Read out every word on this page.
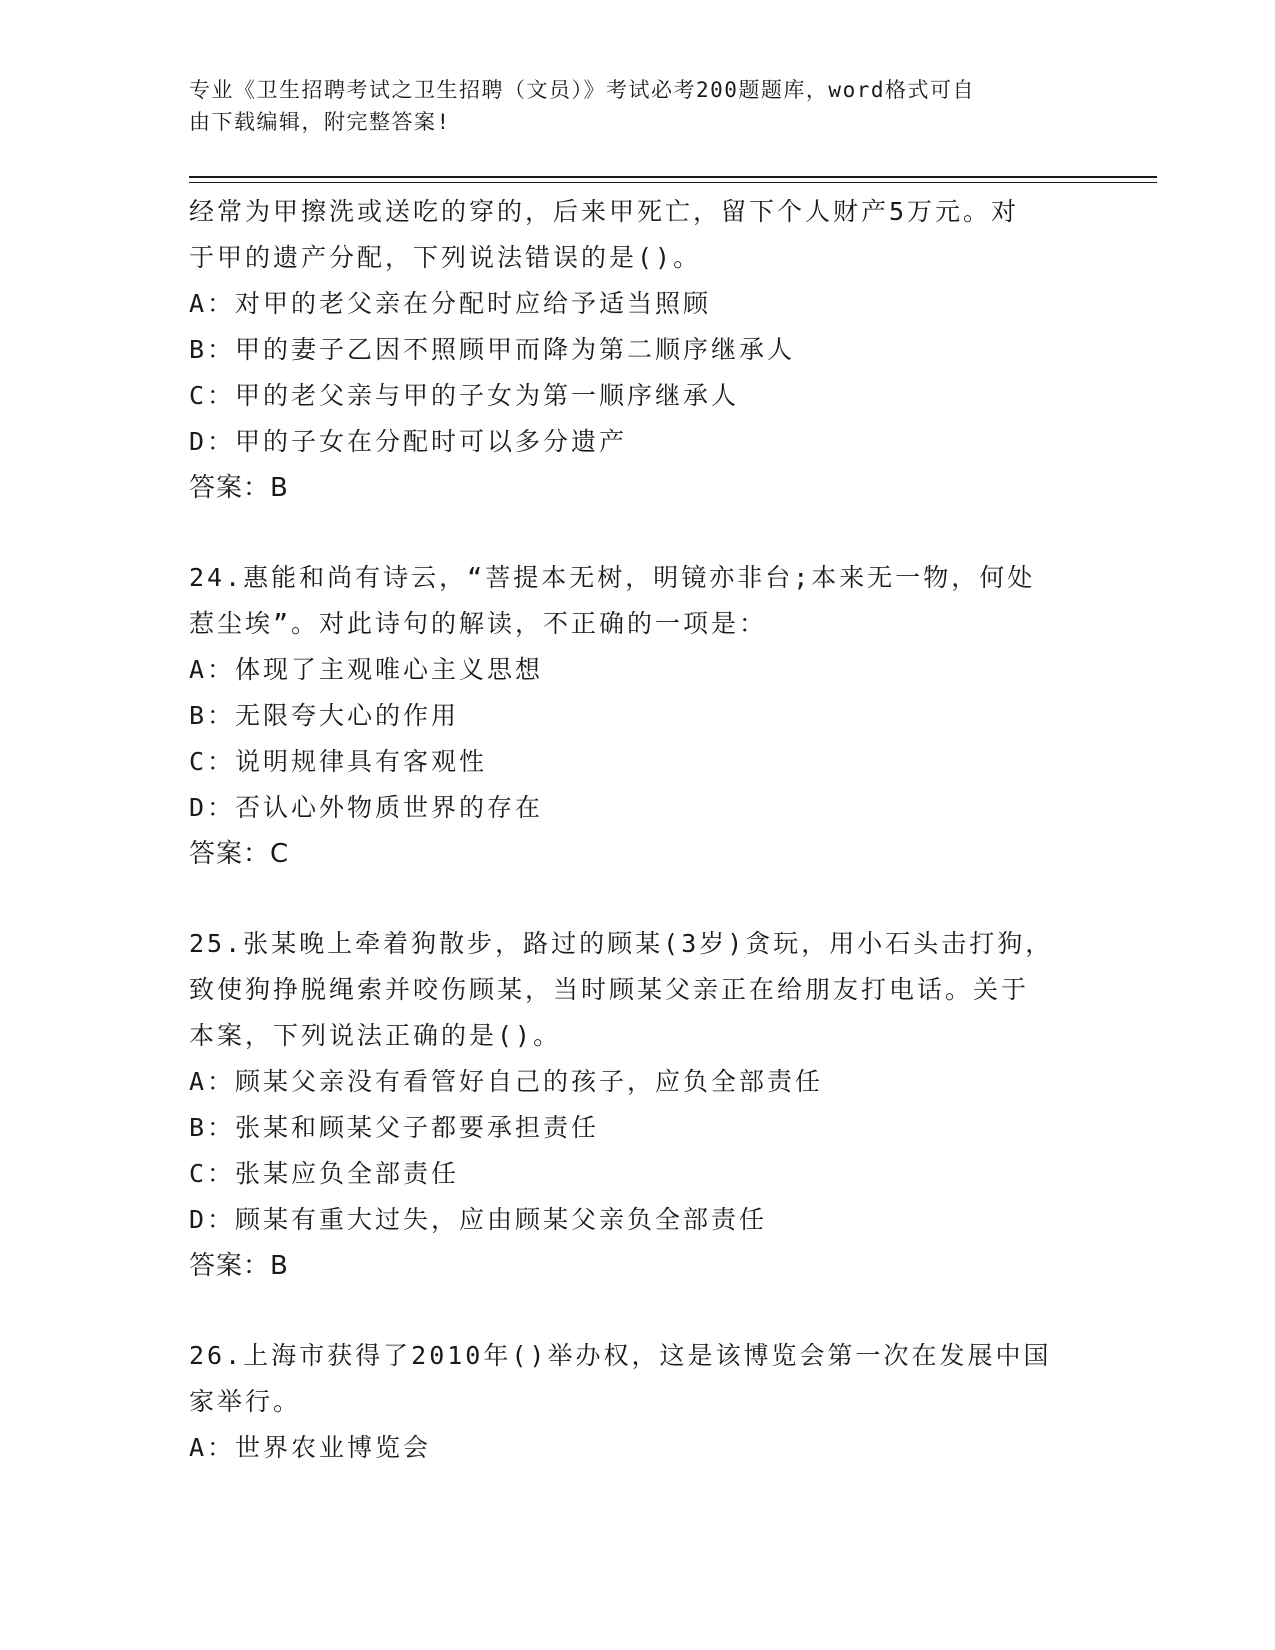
专业《卫生招聘考试之卫生招聘（文员）》考试必考200题题库，word格式可自
由下载编辑，附完整答案!

经常为甲擦洗或送吃的穿的，后来甲死亡，留下个人财产5万元。对

于甲的遗产分配，下列说法错误的是()。

A：对甲的老父亲在分配时应给予适当照顾

B：甲的妻子乙因不照顾甲而降为第二顺序继承人

C：甲的老父亲与甲的子女为第一顺序继承人

D：甲的子女在分配时可以多分遗产

答案：B

24.惠能和尚有诗云，“菩提本无树，明镜亦非台;本来无一物，何处

惹尘埃”。对此诗句的解读，不正确的一项是：

A：体现了主观唯心主义思想

B：无限夸大心的作用

C：说明规律具有客观性

D：否认心外物质世界的存在

答案：C

25.张某晚上牵着狗散步，路过的顾某(3岁)贪玩，用小石头击打狗，

致使狗挣脱绳索并咬伤顾某，当时顾某父亲正在给朋友打电话。关于

本案，下列说法正确的是()。

A：顾某父亲没有看管好自己的孩子，应负全部责任

B：张某和顾某父子都要承担责任

C：张某应负全部责任

D：顾某有重大过失，应由顾某父亲负全部责任

答案：B

26.上海市获得了2010年()举办权，这是该博览会第一次在发展中国

家举行。

A：世界农业博览会
